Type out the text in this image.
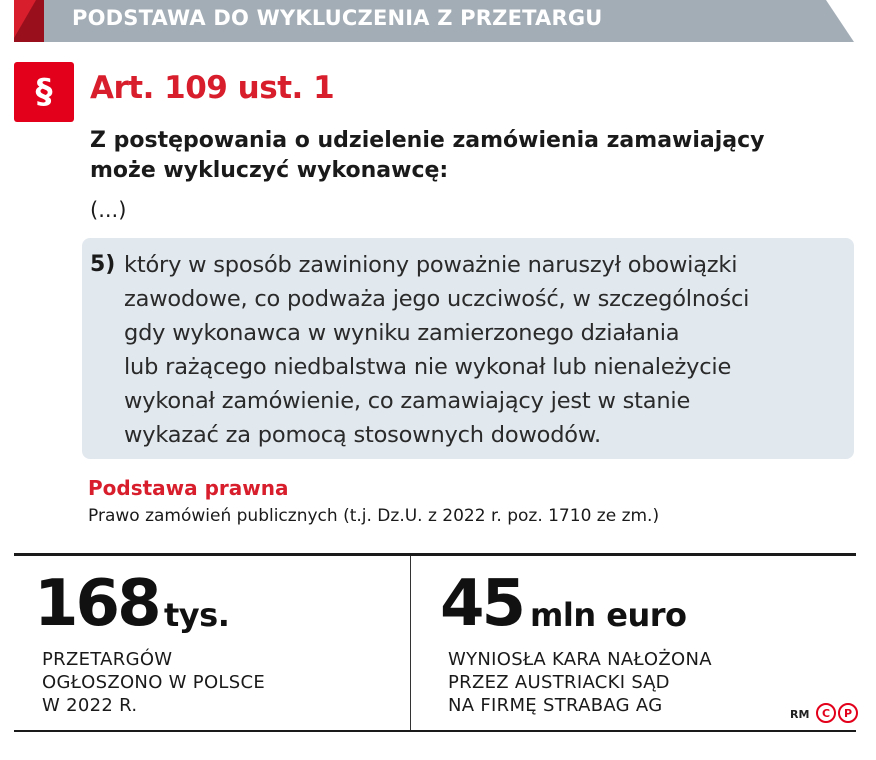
PODSTAWA DO WYKLUCZENIA Z PRZETARGU
§	Art. 109 ust. 1
Z postępowania o udzielenie zamówienia zamawiający
może wykluczyć wykonawcę:
(...)
5) który w sposób zawiniony poważnie naruszył obowiązki
zawodowe, co podważa jego uczciwość, w szczególności
gdy wykonawca w wyniku zamierzonego działania
lub rażącego niedbalstwa nie wykonał lub nienależycie
wykonał zamówienie, co zamawiający jest w stanie
wykazać za pomocą stosownych dowodów.
Podstawa prawna
Prawo zamówień publicznych (t.j. Dz.U. z 2022 r. poz. 1710 ze zm.)
168 tys.
PRZETARGÓW
OGŁOSZONO W POLSCE
W 2022 R.
45 mln euro
WYNIOSŁA KARA NAŁOŻONA
PRZEZ AUSTRIACKI SĄD
NA FIRMĘ STRABAG AG	RM	C	P
